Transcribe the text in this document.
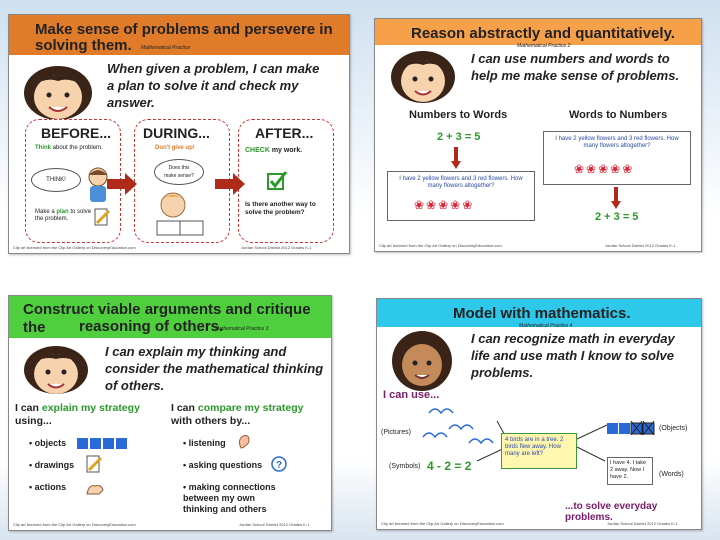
Make sense of problems and persevere in
solving them. Mathematical Practice
When given a problem, I can make
a plan to solve it and check my
answer.
BEFORE... DURING...	AFTER...
Think about the problem.
THINK!
Make a plan to solve the problem.
Don't give up!
Does this
make sense?
CHECK my work.
Is there another way to solve the problem?
Clip art licensed from the Clip Art Gallery on DiscoveryEducation.com	Jordan School District 2012 Grades K-1
Reason abstractly and quantitatively.
Mathematical Practice 2
I can use numbers and words to
help me make sense of problems.
Numbers to Words	Words to Numbers
2 + 3 = 5
I have 2 yellow flowers and 3 red flowers. How many flowers altogether?
❀❀❀❀❀
I have 2 yellow flowers and 3 red flowers. How many flowers altogether?
❀❀❀❀❀
2 + 3 = 5
Clip art licensed from the Clip Art Gallery on DiscoveryEducation.com	Jordan School District 2012 Grades K-1
Construct viable arguments and critique the	reasoning of others.
Mathematical Practice 3
I can explain my thinking and
consider the mathematical thinking
of others.
I can explain my strategy using...
• objects
• drawings
• actions
I can compare my strategy with others by...
• listening
• asking questions
• making connections between my own thinking and others
?
Clip art licensed from the Clip Art Gallery on DiscoveryEducation.com	Jordan School District 2012 Grades K-1
Model with mathematics.
Mathematical Practice 4
I can recognize math in everyday
life and use math I know to solve
problems.
I can use...
(Pictures)
(Symbols) 4 - 2 = 2
4 birds are in a tree. 2 birds flew away. How many are left?
(Objects)
I have 4. I take 2 away. Now I have 2.	(Words)
...to solve everyday problems.
Clip art licensed from the Clip Art Gallery on DiscoveryEducation.com	Jordan School District 2012 Grades K-1
